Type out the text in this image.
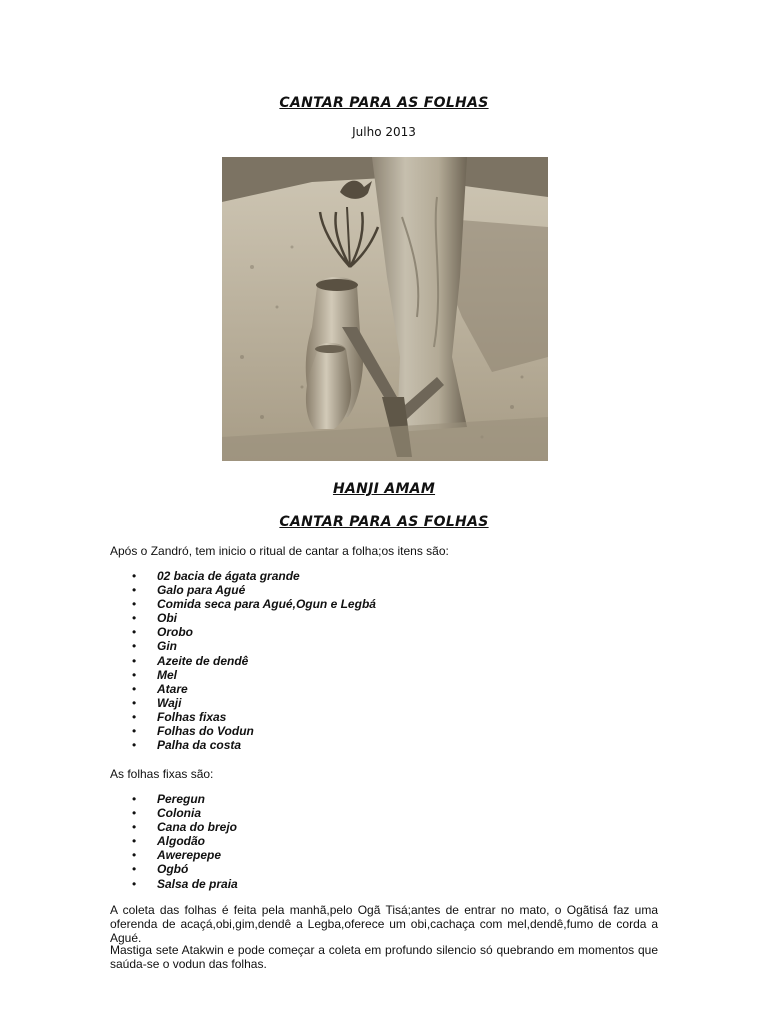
CANTAR PARA AS FOLHAS
Julho 2013
HANJI AMAM
CANTAR PARA AS FOLHAS
Após o Zandró, tem inicio o ritual de cantar a folha;os itens são:
• 02 bacia de ágata grande
• Galo para Agué
• Comida seca para Agué,Ogun e Legbá
• Obi
• Orobo
• Gin
• Azeite de dendê
• Mel
• Atare
• Waji
• Folhas fixas
• Folhas do Vodun
• Palha da costa
As folhas fixas são:
• Peregun
• Colonia
• Cana do brejo
• Algodão
• Awerepepe
• Ogbó
• Salsa de praia
A coleta das folhas é feita pela manhã,pelo Ogã Tisá;antes de entrar no mato, o Ogãtisá faz uma oferenda de acaçá,obi,gim,dendê a Legba,oferece um obi,cachaça com mel,dendê,fumo de corda a Agué.
Mastiga sete Atakwin e pode começar a coleta em profundo silencio só quebrando em momentos que saúda-se o vodun das folhas.
